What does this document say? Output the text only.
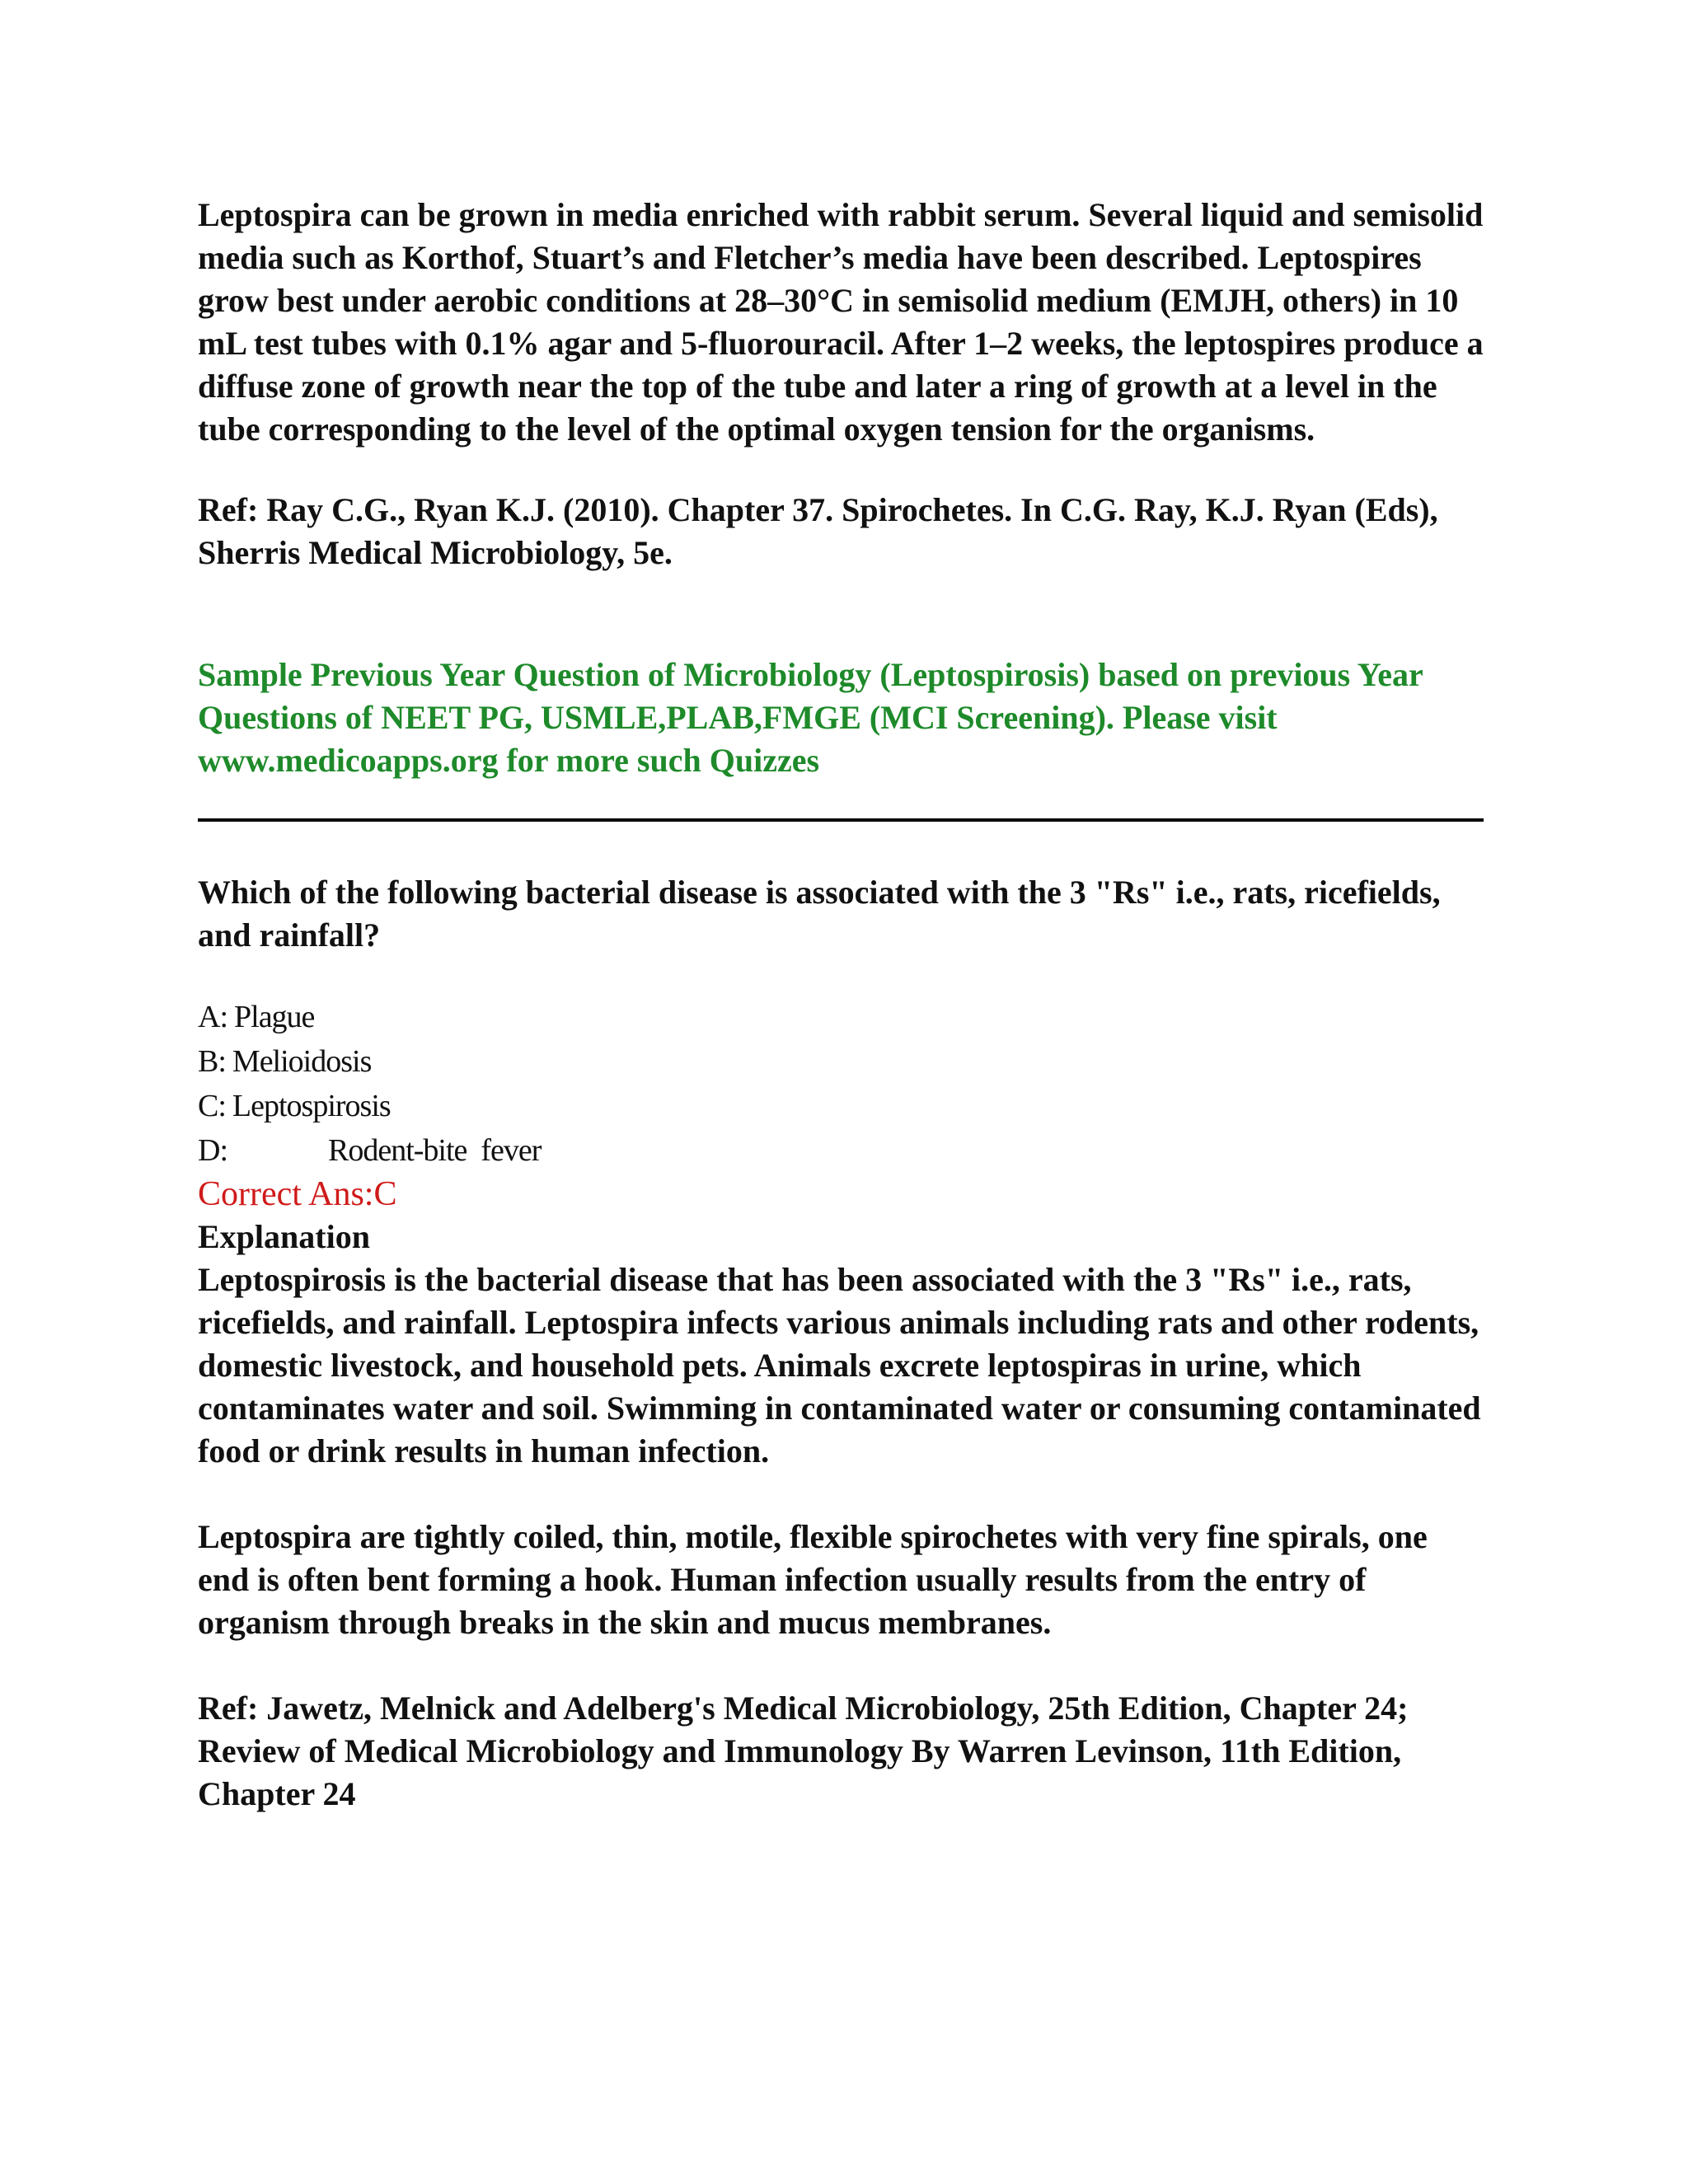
Leptospira can be grown in media enriched with rabbit serum. Several liquid and semisolid media such as Korthof, Stuart’s and Fletcher’s media have been described. Leptospires grow best under aerobic conditions at 28–30°C in semisolid medium (EMJH, others) in 10 mL test tubes with 0.1% agar and 5-fluorouracil. After 1–2 weeks, the leptospires produce a diffuse zone of growth near the top of the tube and later a ring of growth at a level in the tube corresponding to the level of the optimal oxygen tension for the organisms.

Ref: Ray C.G., Ryan K.J. (2010). Chapter 37. Spirochetes. In C.G. Ray, K.J. Ryan (Eds), Sherris Medical Microbiology, 5e.

Sample Previous Year Question of Microbiology (Leptospirosis) based on previous Year Questions of NEET PG, USMLE,PLAB,FMGE (MCI Screening). Please visit www.medicoapps.org for more such Quizzes

Which of the following bacterial disease is associated with the 3 "Rs" i.e., rats, ricefields, and rainfall?

A: Plague
B: Melioidosis
C: Leptospirosis
D:	Rodent-bite  fever
Correct Ans:C
Explanation

Leptospirosis is the bacterial disease that has been associated with the 3 "Rs" i.e., rats, ricefields, and rainfall. Leptospira infects various animals including rats and other rodents, domestic livestock, and household pets. Animals excrete leptospiras in urine, which contaminates water and soil. Swimming in contaminated water or consuming contaminated food or drink results in human infection.

Leptospira are tightly coiled, thin, motile, flexible spirochetes with very fine spirals, one end is often bent forming a hook. Human infection usually results from the entry of organism through breaks in the skin and mucus membranes.

Ref: Jawetz, Melnick and Adelberg's Medical Microbiology, 25th Edition, Chapter 24; Review of Medical Microbiology and Immunology By Warren Levinson, 11th Edition, Chapter 24
